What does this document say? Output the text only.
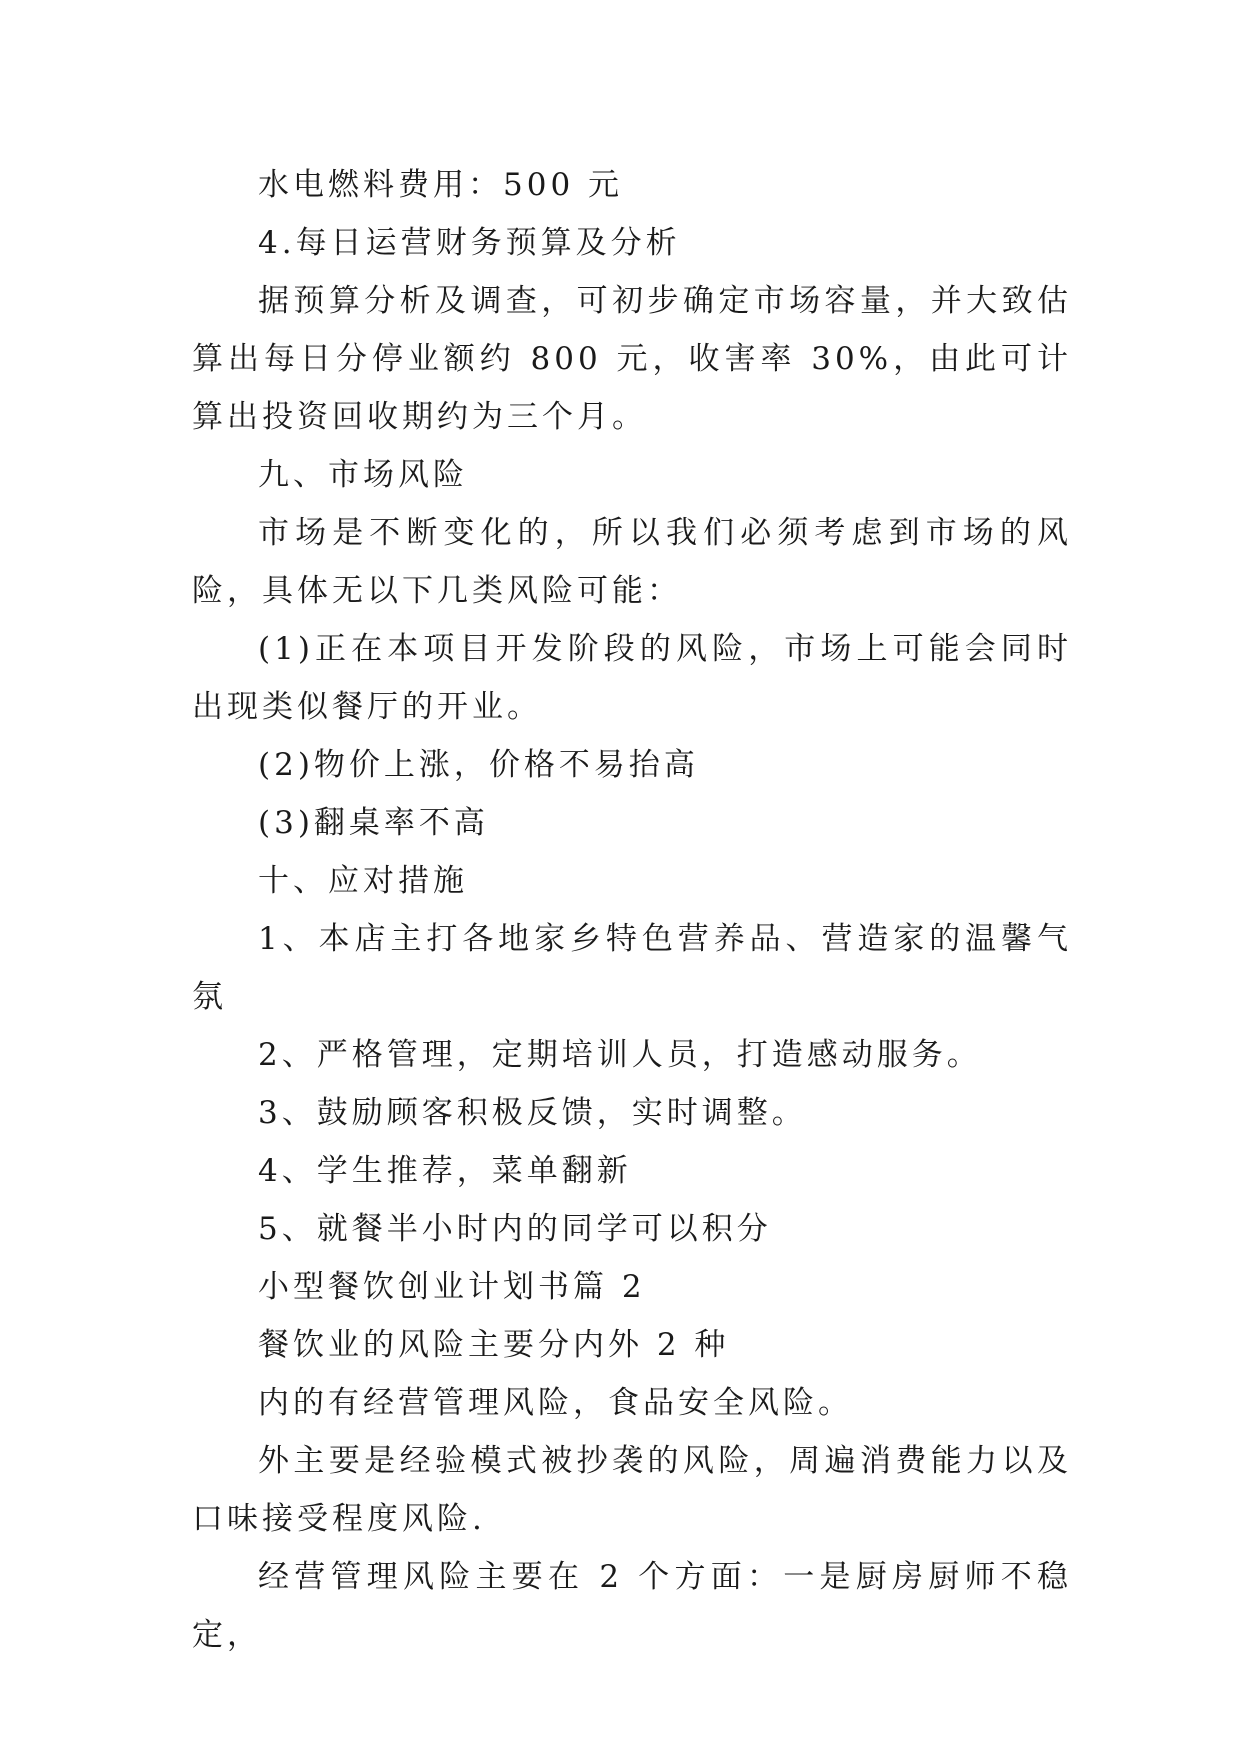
水电燃料费用：500 元

4.每日运营财务预算及分析

据预算分析及调查，可初步确定市场容量，并大致估算出每日分停业额约 800 元，收害率 30%，由此可计算出投资回收期约为三个月。

九、市场风险

市场是不断变化的，所以我们必须考虑到市场的风险，具体无以下几类风险可能：

(1)正在本项目开发阶段的风险，市场上可能会同时出现类似餐厅的开业。

(2)物价上涨，价格不易抬高

(3)翻桌率不高

十、应对措施

1、本店主打各地家乡特色营养品、营造家的温馨气氛

2、严格管理，定期培训人员，打造感动服务。

3、鼓励顾客积极反馈，实时调整。

4、学生推荐，菜单翻新

5、就餐半小时内的同学可以积分

小型餐饮创业计划书篇 2

餐饮业的风险主要分内外 2 种

内的有经营管理风险，食品安全风险。

外主要是经验模式被抄袭的风险，周遍消费能力以及口味接受程度风险.

经营管理风险主要在 2 个方面：一是厨房厨师不稳定，
